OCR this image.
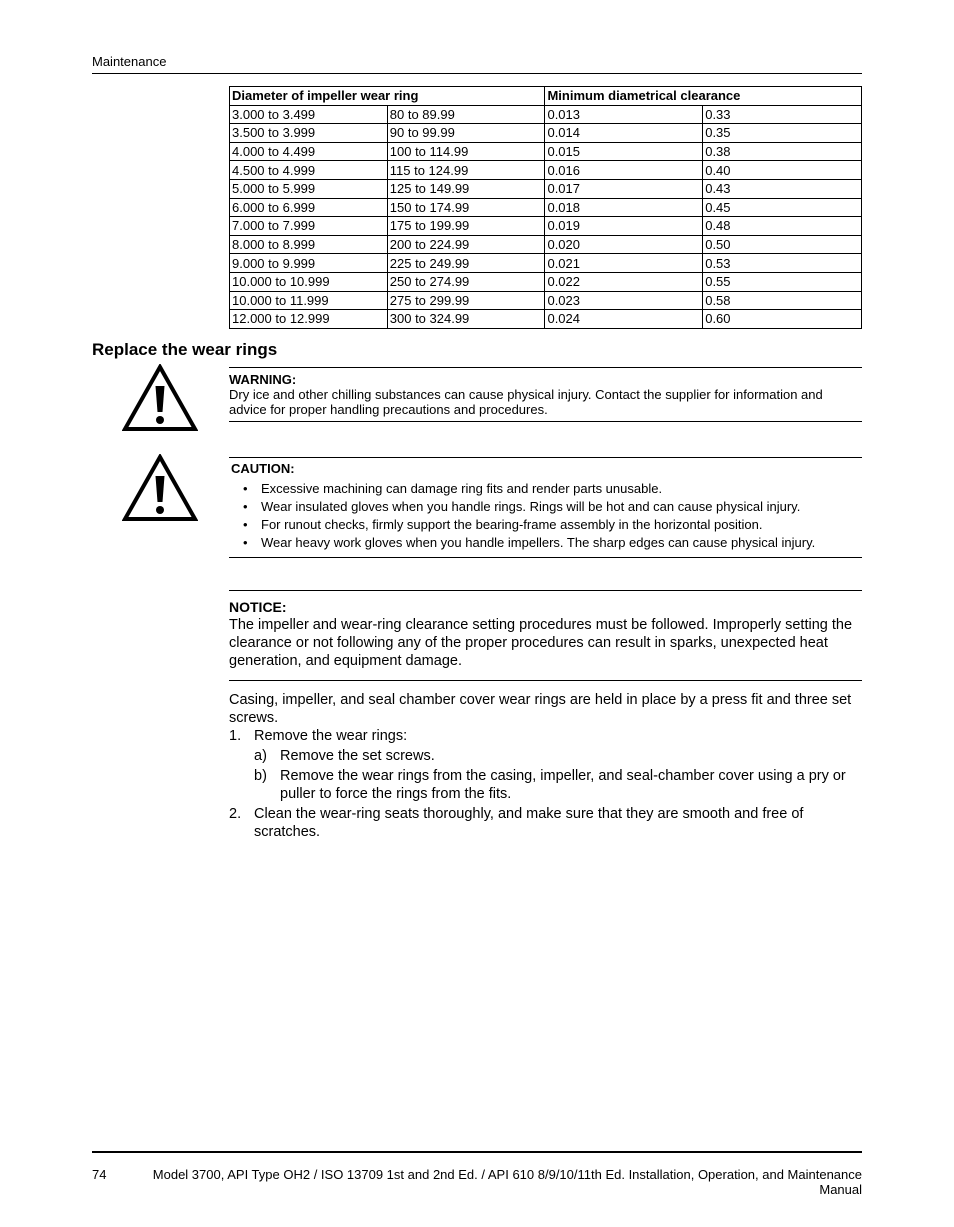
Maintenance
Diameter of impeller wear ring		Minimum diametrical clearance	
3.000 to 3.499	80 to 89.99	0.013	0.33
3.500 to 3.999	90 to 99.99	0.014	0.35
4.000 to 4.499	100 to 114.99	0.015	0.38
4.500 to 4.999	115 to 124.99	0.016	0.40
5.000 to 5.999	125 to 149.99	0.017	0.43
6.000 to 6.999	150 to 174.99	0.018	0.45
7.000 to 7.999	175 to 199.99	0.019	0.48
8.000 to 8.999	200 to 224.99	0.020	0.50
9.000 to 9.999	225 to 249.99	0.021	0.53
10.000 to 10.999	250 to 274.99	0.022	0.55
10.000 to 11.999	275 to 299.99	0.023	0.58
12.000 to 12.999	300 to 324.99	0.024	0.60
Replace the wear rings
WARNING:
Dry ice and other chilling substances can cause physical injury. Contact the supplier for information and advice for proper handling precautions and procedures.
CAUTION:
• Excessive machining can damage ring fits and render parts unusable.
• Wear insulated gloves when you handle rings. Rings will be hot and can cause physical injury.
• For runout checks, firmly support the bearing-frame assembly in the horizontal position.
• Wear heavy work gloves when you handle impellers. The sharp edges can cause physical injury.
NOTICE:
The impeller and wear-ring clearance setting procedures must be followed. Improperly setting the clearance or not following any of the proper procedures can result in sparks, unexpected heat generation, and equipment damage.
Casing, impeller, and seal chamber cover wear rings are held in place by a press fit and three set screws.
1. Remove the wear rings:
a) Remove the set screws.
b) Remove the wear rings from the casing, impeller, and seal-chamber cover using a pry or puller to force the rings from the fits.
2. Clean the wear-ring seats thoroughly, and make sure that they are smooth and free of scratches.
74	Model 3700, API Type OH2 / ISO 13709 1st and 2nd Ed. / API 610 8/9/10/11th Ed. Installation, Operation, and Maintenance Manual
